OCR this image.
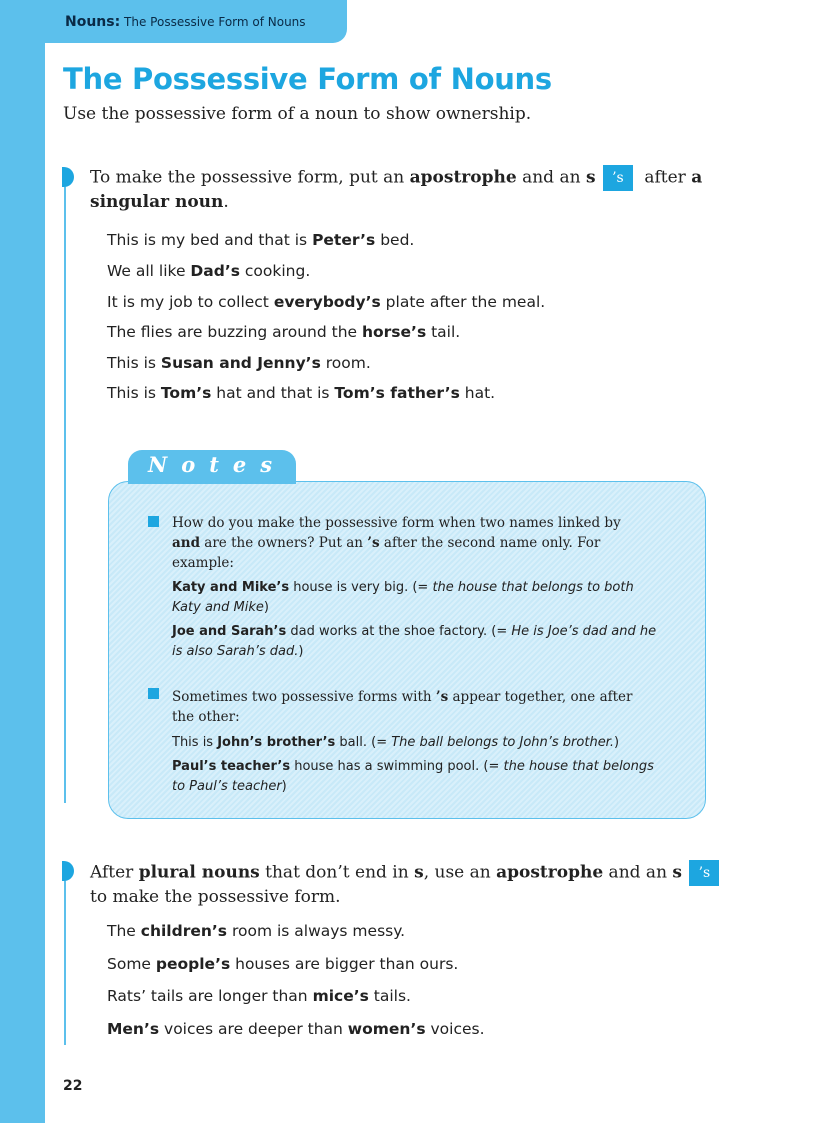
Nouns: The Possessive Form of Nouns
The Possessive Form of Nouns

Use the possessive form of a noun to show ownership.

To make the possessive form, put an apostrophe and an s ’s after a singular noun.
This is my bed and that is Peter’s bed.
We all like Dad’s cooking.
It is my job to collect everybody’s plate after the meal.
The flies are buzzing around the horse’s tail.
This is Susan and Jenny’s room.
This is Tom’s hat and that is Tom’s father’s hat.
Notes
How do you make the possessive form when two names linked by and are the owners? Put an ’s after the second name only. For example:
Katy and Mike’s house is very big. (= the house that belongs to both Katy and Mike)
Joe and Sarah’s dad works at the shoe factory. (= He is Joe’s dad and he is also Sarah’s dad.)
Sometimes two possessive forms with ’s appear together, one after the other:
This is John’s brother’s ball. (= The ball belongs to John’s brother.)
Paul’s teacher’s house has a swimming pool. (= the house that belongs to Paul’s teacher)
After plural nouns that don’t end in s, use an apostrophe and an s ’s to make the possessive form.
The children’s room is always messy.
Some people’s houses are bigger than ours.
Rats’ tails are longer than mice’s tails.
Men’s voices are deeper than women’s voices.
22
